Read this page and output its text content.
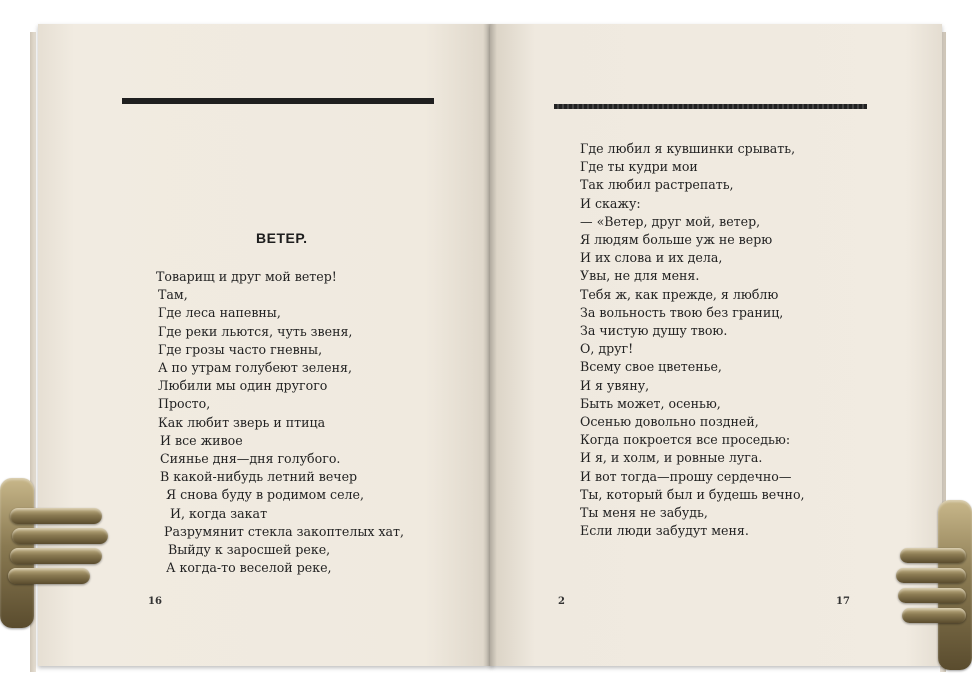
ВЕТЕР.
Товарищ и друг мой ветер!
Там,
Где леса напевны,
Где реки льются, чуть звеня,
Где грозы часто гневны,
А по утрам голубеют зеленя,
Любили мы один другого
Просто,
Как любит зверь и птица
И все живое
Сиянье дня—дня голубого.
В какой-нибудь летний вечер
Я снова буду в родимом селе,
И, когда закат
Разрумянит стекла закоптелых хат,
Выйду к заросшей реке,
А когда-то веселой реке,
Где любил я кувшинки срывать,
Где ты кудри мои
Так любил растрепать,
И скажу:
— «Ветер, друг мой, ветер,
Я людям больше уж не верю
И их слова и их дела,
Увы, не для меня.
Тебя ж, как прежде, я люблю
За вольность твою без границ,
За чистую душу твою.
О, друг!
Всему свое цветенье,
И я увяну,
Быть может, осенью,
Осенью довольно поздней,
Когда покроется все проседью:
И я, и холм, и ровные луга.
И вот тогда—прошу сердечно—
Ты, который был и будешь вечно,
Ты меня не забудь,
Если люди забудут меня.
16	2	17
